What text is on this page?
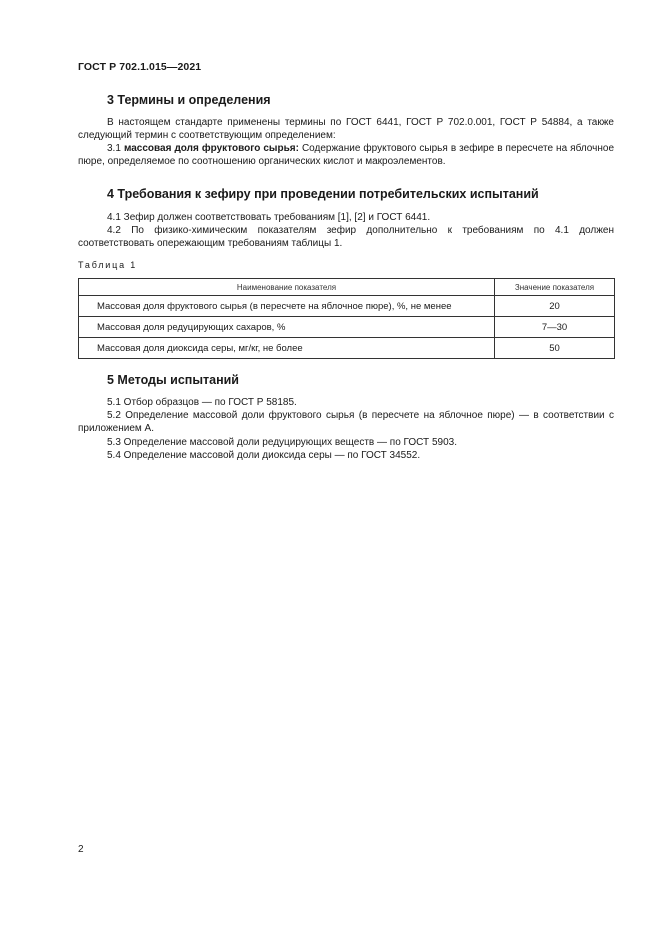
ГОСТ Р 702.1.015—2021
3 Термины и определения

В настоящем стандарте применены термины по ГОСТ 6441, ГОСТ Р 702.0.001, ГОСТ Р 54884, а также следующий термин с соответствующим определением:

3.1 массовая доля фруктового сырья: Содержание фруктового сырья в зефире в пересчете на яблочное пюре, определяемое по соотношению органических кислот и макроэлементов.

4 Требования к зефиру при проведении потребительских испытаний

4.1 Зефир должен соответствовать требованиям [1], [2] и ГОСТ 6441.

4.2 По физико-химическим показателям зефир дополнительно к требованиям по 4.1 должен соответствовать опережающим требованиям таблицы 1.

Таблица 1
Наименование показателя	Значение показателя
Массовая доля фруктового сырья (в пересчете на яблочное пюре), %, не менее	20
Массовая доля редуцирующих сахаров, %	7—30
Массовая доля диоксида серы, мг/кг, не более	50
5 Методы испытаний

5.1 Отбор образцов — по ГОСТ Р 58185.

5.2 Определение массовой доли фруктового сырья (в пересчете на яблочное пюре) — в соответствии с приложением А.

5.3 Определение массовой доли редуцирующих веществ — по ГОСТ 5903.

5.4 Определение массовой доли диоксида серы — по ГОСТ 34552.

2
